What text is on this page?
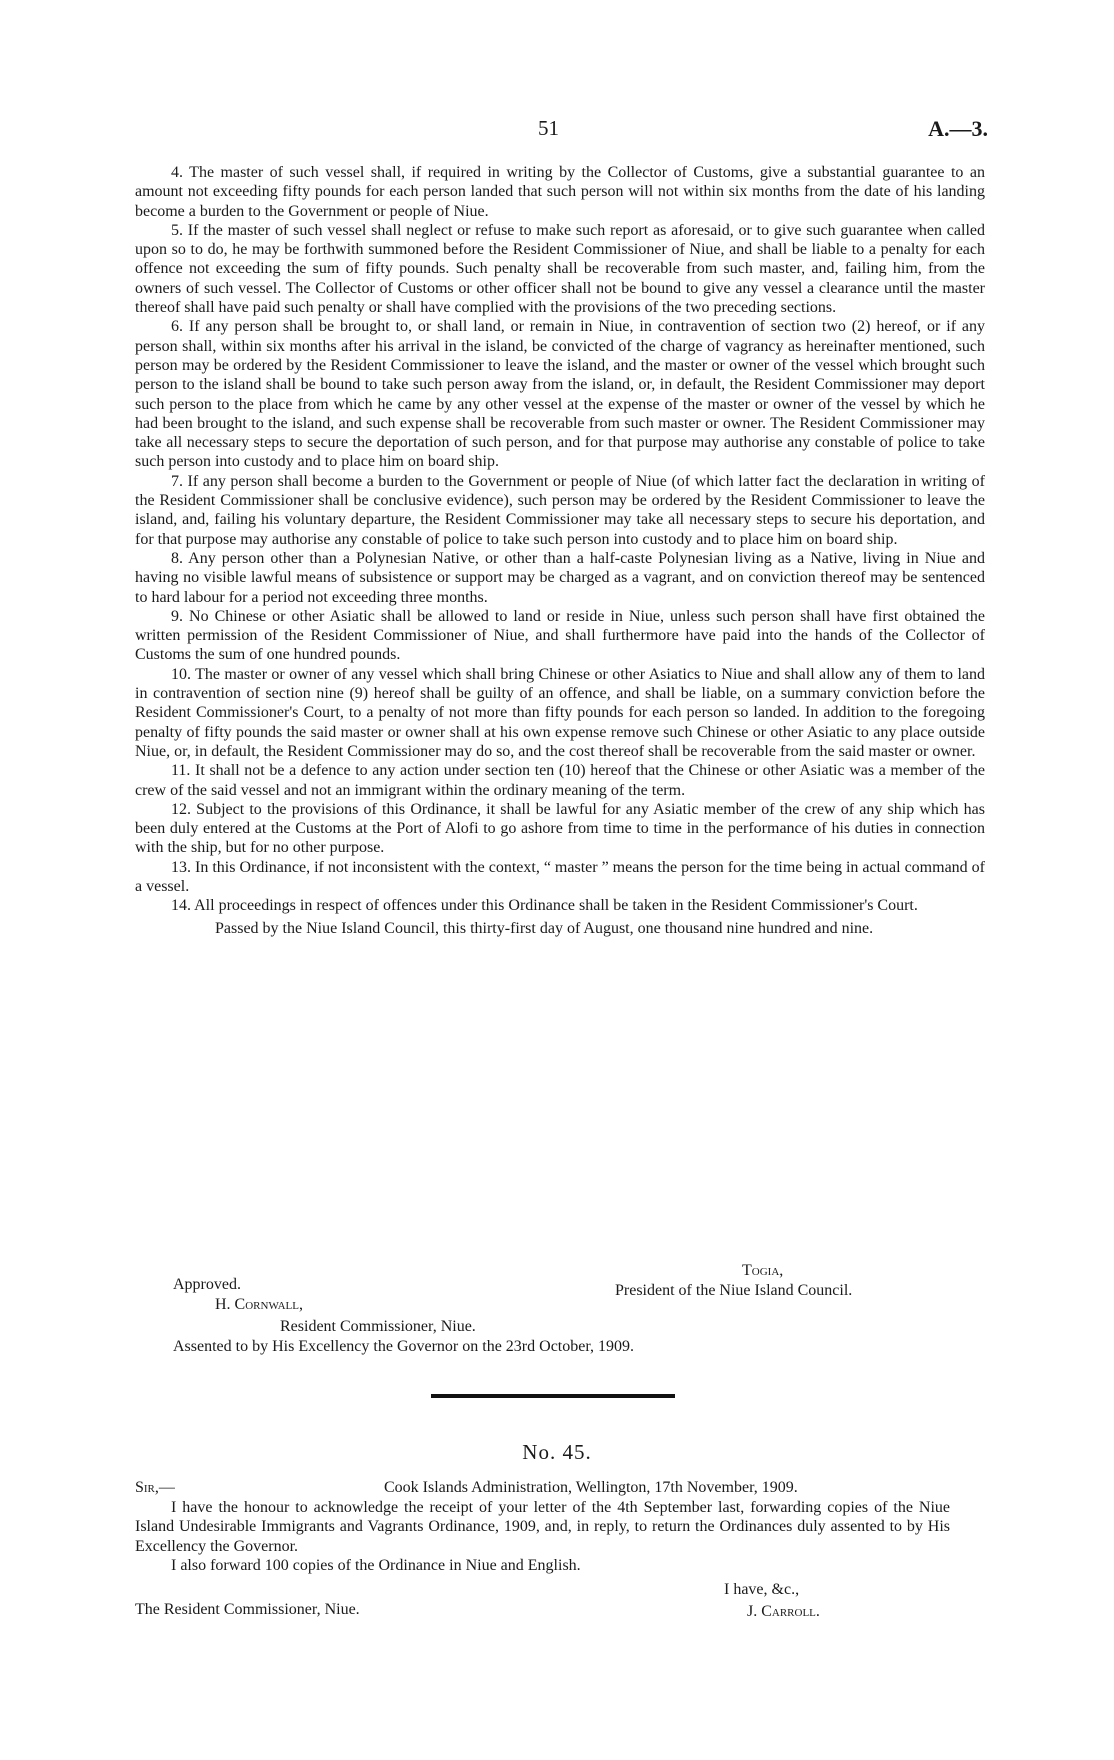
51	A.—3.

4. The master of such vessel shall, if required in writing by the Collector of Customs, give a substantial guarantee to an amount not exceeding fifty pounds for each person landed that such person will not within six months from the date of his landing become a burden to the Government or people of Niue.

5. If the master of such vessel shall neglect or refuse to make such report as aforesaid, or to give such guarantee when called upon so to do, he may be forthwith summoned before the Resident Commissioner of Niue, and shall be liable to a penalty for each offence not exceeding the sum of fifty pounds. Such penalty shall be recoverable from such master, and, failing him, from the owners of such vessel. The Collector of Customs or other officer shall not be bound to give any vessel a clearance until the master thereof shall have paid such penalty or shall have complied with the provisions of the two preceding sections.

6. If any person shall be brought to, or shall land, or remain in Niue, in contravention of section two (2) hereof, or if any person shall, within six months after his arrival in the island, be convicted of the charge of vagrancy as hereinafter mentioned, such person may be ordered by the Resident Commissioner to leave the island, and the master or owner of the vessel which brought such person to the island shall be bound to take such person away from the island, or, in default, the Resident Commissioner may deport such person to the place from which he came by any other vessel at the expense of the master or owner of the vessel by which he had been brought to the island, and such expense shall be recoverable from such master or owner. The Resident Commissioner may take all necessary steps to secure the deportation of such person, and for that purpose may authorise any constable of police to take such person into custody and to place him on board ship.

7. If any person shall become a burden to the Government or people of Niue (of which latter fact the declaration in writing of the Resident Commissioner shall be conclusive evidence), such person may be ordered by the Resident Commissioner to leave the island, and, failing his voluntary departure, the Resident Commissioner may take all necessary steps to secure his deportation, and for that purpose may authorise any constable of police to take such person into custody and to place him on board ship.

8. Any person other than a Polynesian Native, or other than a half-caste Polynesian living as a Native, living in Niue and having no visible lawful means of subsistence or support may be charged as a vagrant, and on conviction thereof may be sentenced to hard labour for a period not exceeding three months.

9. No Chinese or other Asiatic shall be allowed to land or reside in Niue, unless such person shall have first obtained the written permission of the Resident Commissioner of Niue, and shall furthermore have paid into the hands of the Collector of Customs the sum of one hundred pounds.

10. The master or owner of any vessel which shall bring Chinese or other Asiatics to Niue and shall allow any of them to land in contravention of section nine (9) hereof shall be guilty of an offence, and shall be liable, on a summary conviction before the Resident Commissioner's Court, to a penalty of not more than fifty pounds for each person so landed. In addition to the foregoing penalty of fifty pounds the said master or owner shall at his own expense remove such Chinese or other Asiatic to any place outside Niue, or, in default, the Resident Commissioner may do so, and the cost thereof shall be recoverable from the said master or owner.

11. It shall not be a defence to any action under section ten (10) hereof that the Chinese or other Asiatic was a member of the crew of the said vessel and not an immigrant within the ordinary meaning of the term.

12. Subject to the provisions of this Ordinance, it shall be lawful for any Asiatic member of the crew of any ship which has been duly entered at the Customs at the Port of Alofi to go ashore from time to time in the performance of his duties in connection with the ship, but for no other purpose.

13. In this Ordinance, if not inconsistent with the context, “ master ” means the person for the time being in actual command of a vessel.

14. All proceedings in respect of offences under this Ordinance shall be taken in the Resident Commissioner's Court.

Passed by the Niue Island Council, this thirty-first day of August, one thousand nine hundred and nine.

Togia,
President of the Niue Island Council.
Approved.
H. Cornwall,
Resident Commissioner, Niue.
Assented to by His Excellency the Governor on the 23rd October, 1909.
No. 45.
Sir,—	Cook Islands Administration, Wellington, 17th November, 1909.

I have the honour to acknowledge the receipt of your letter of the 4th September last, forwarding copies of the Niue Island Undesirable Immigrants and Vagrants Ordinance, 1909, and, in reply, to return the Ordinances duly assented to by His Excellency the Governor.

I also forward 100 copies of the Ordinance in Niue and English.

I have, &c.,
The Resident Commissioner, Niue.	J. Carroll.
